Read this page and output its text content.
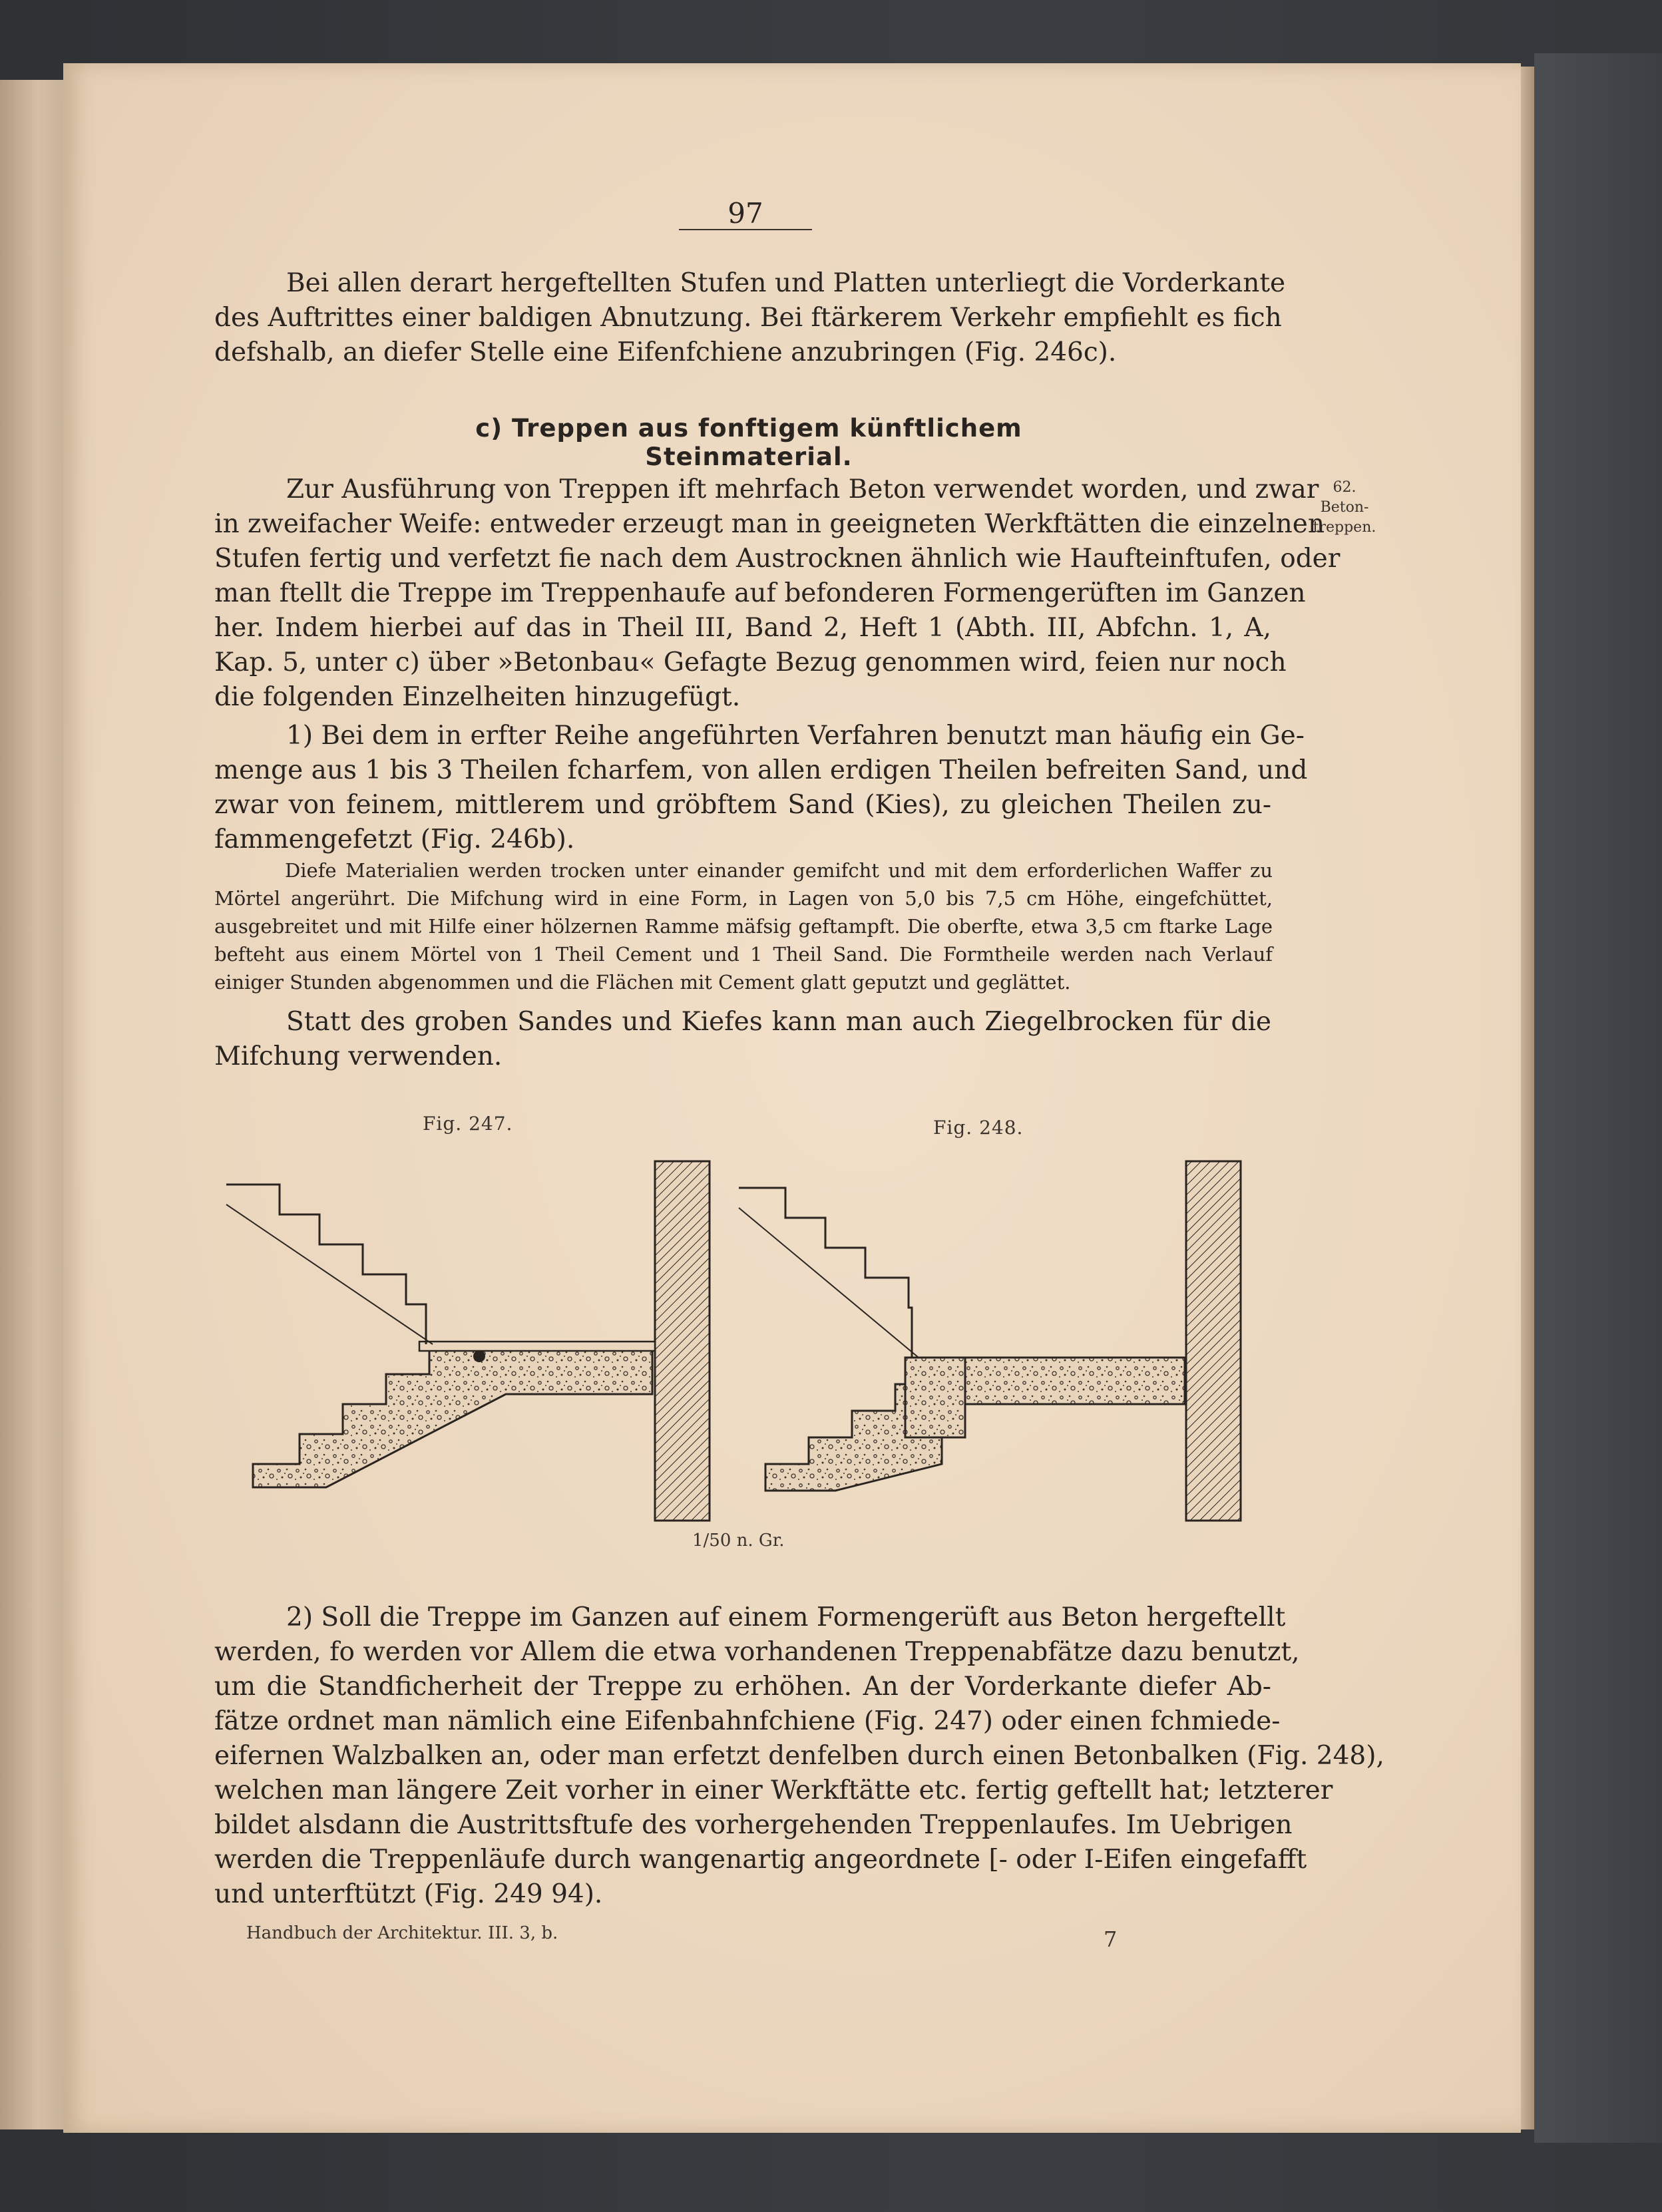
97

Bei allen derart hergeftellten Stufen und Platten unterliegt die Vorderkante

des Auftrittes einer baldigen Abnutzung. Bei ftärkerem Verkehr empfiehlt es fich

defshalb, an diefer Stelle eine Eifenfchiene anzubringen (Fig. 246c).

c) Treppen aus fonftigem künftlichem Steinmaterial.
62.
Beton-
treppen.

Zur Ausführung von Treppen ift mehrfach Beton verwendet worden, und zwar

in zweifacher Weife: entweder erzeugt man in geeigneten Werkftätten die einzelnen

Stufen fertig und verfetzt fie nach dem Austrocknen ähnlich wie Haufteinftufen, oder

man ftellt die Treppe im Treppenhaufe auf befonderen Formengerüften im Ganzen

her. Indem hierbei auf das in Theil III, Band 2, Heft 1 (Abth. III, Abfchn. 1, A,

Kap. 5, unter c) über »Betonbau« Gefagte Bezug genommen wird, feien nur noch

die folgenden Einzelheiten hinzugefügt.

1) Bei dem in erfter Reihe angeführten Verfahren benutzt man häufig ein Ge-

menge aus 1 bis 3 Theilen fcharfem, von allen erdigen Theilen befreiten Sand, und

zwar von feinem, mittlerem und gröbftem Sand (Kies), zu gleichen Theilen zu-

fammengefetzt (Fig. 246b).

Diefe Materialien werden trocken unter einander gemifcht und mit dem erforderlichen Waffer zu

Mörtel angerührt. Die Mifchung wird in eine Form, in Lagen von 5,0 bis 7,5 cm Höhe, eingefchüttet,

ausgebreitet und mit Hilfe einer hölzernen Ramme mäfsig geftampft. Die oberfte, etwa 3,5 cm ftarke Lage

befteht aus einem Mörtel von 1 Theil Cement und 1 Theil Sand. Die Formtheile werden nach Verlauf

einiger Stunden abgenommen und die Flächen mit Cement glatt geputzt und geglättet.

Statt des groben Sandes und Kiefes kann man auch Ziegelbrocken für die

Mifchung verwenden.

Fig. 247.	Fig. 248.
1/50 n. Gr.

2) Soll die Treppe im Ganzen auf einem Formengerüft aus Beton hergeftellt

werden, fo werden vor Allem die etwa vorhandenen Treppenabfätze dazu benutzt,

um die Standficherheit der Treppe zu erhöhen. An der Vorderkante diefer Ab-

fätze ordnet man nämlich eine Eifenbahnfchiene (Fig. 247) oder einen fchmiede-

eifernen Walzbalken an, oder man erfetzt denfelben durch einen Betonbalken (Fig. 248),

welchen man längere Zeit vorher in einer Werkftätte etc. fertig geftellt hat; letzterer

bildet alsdann die Austrittsftufe des vorhergehenden Treppenlaufes. Im Uebrigen

werden die Treppenläufe durch wangenartig angeordnete [- oder I-Eifen eingefafft

und unterftützt (Fig. 249 94).

Handbuch der Architektur. III. 3, b.	7
